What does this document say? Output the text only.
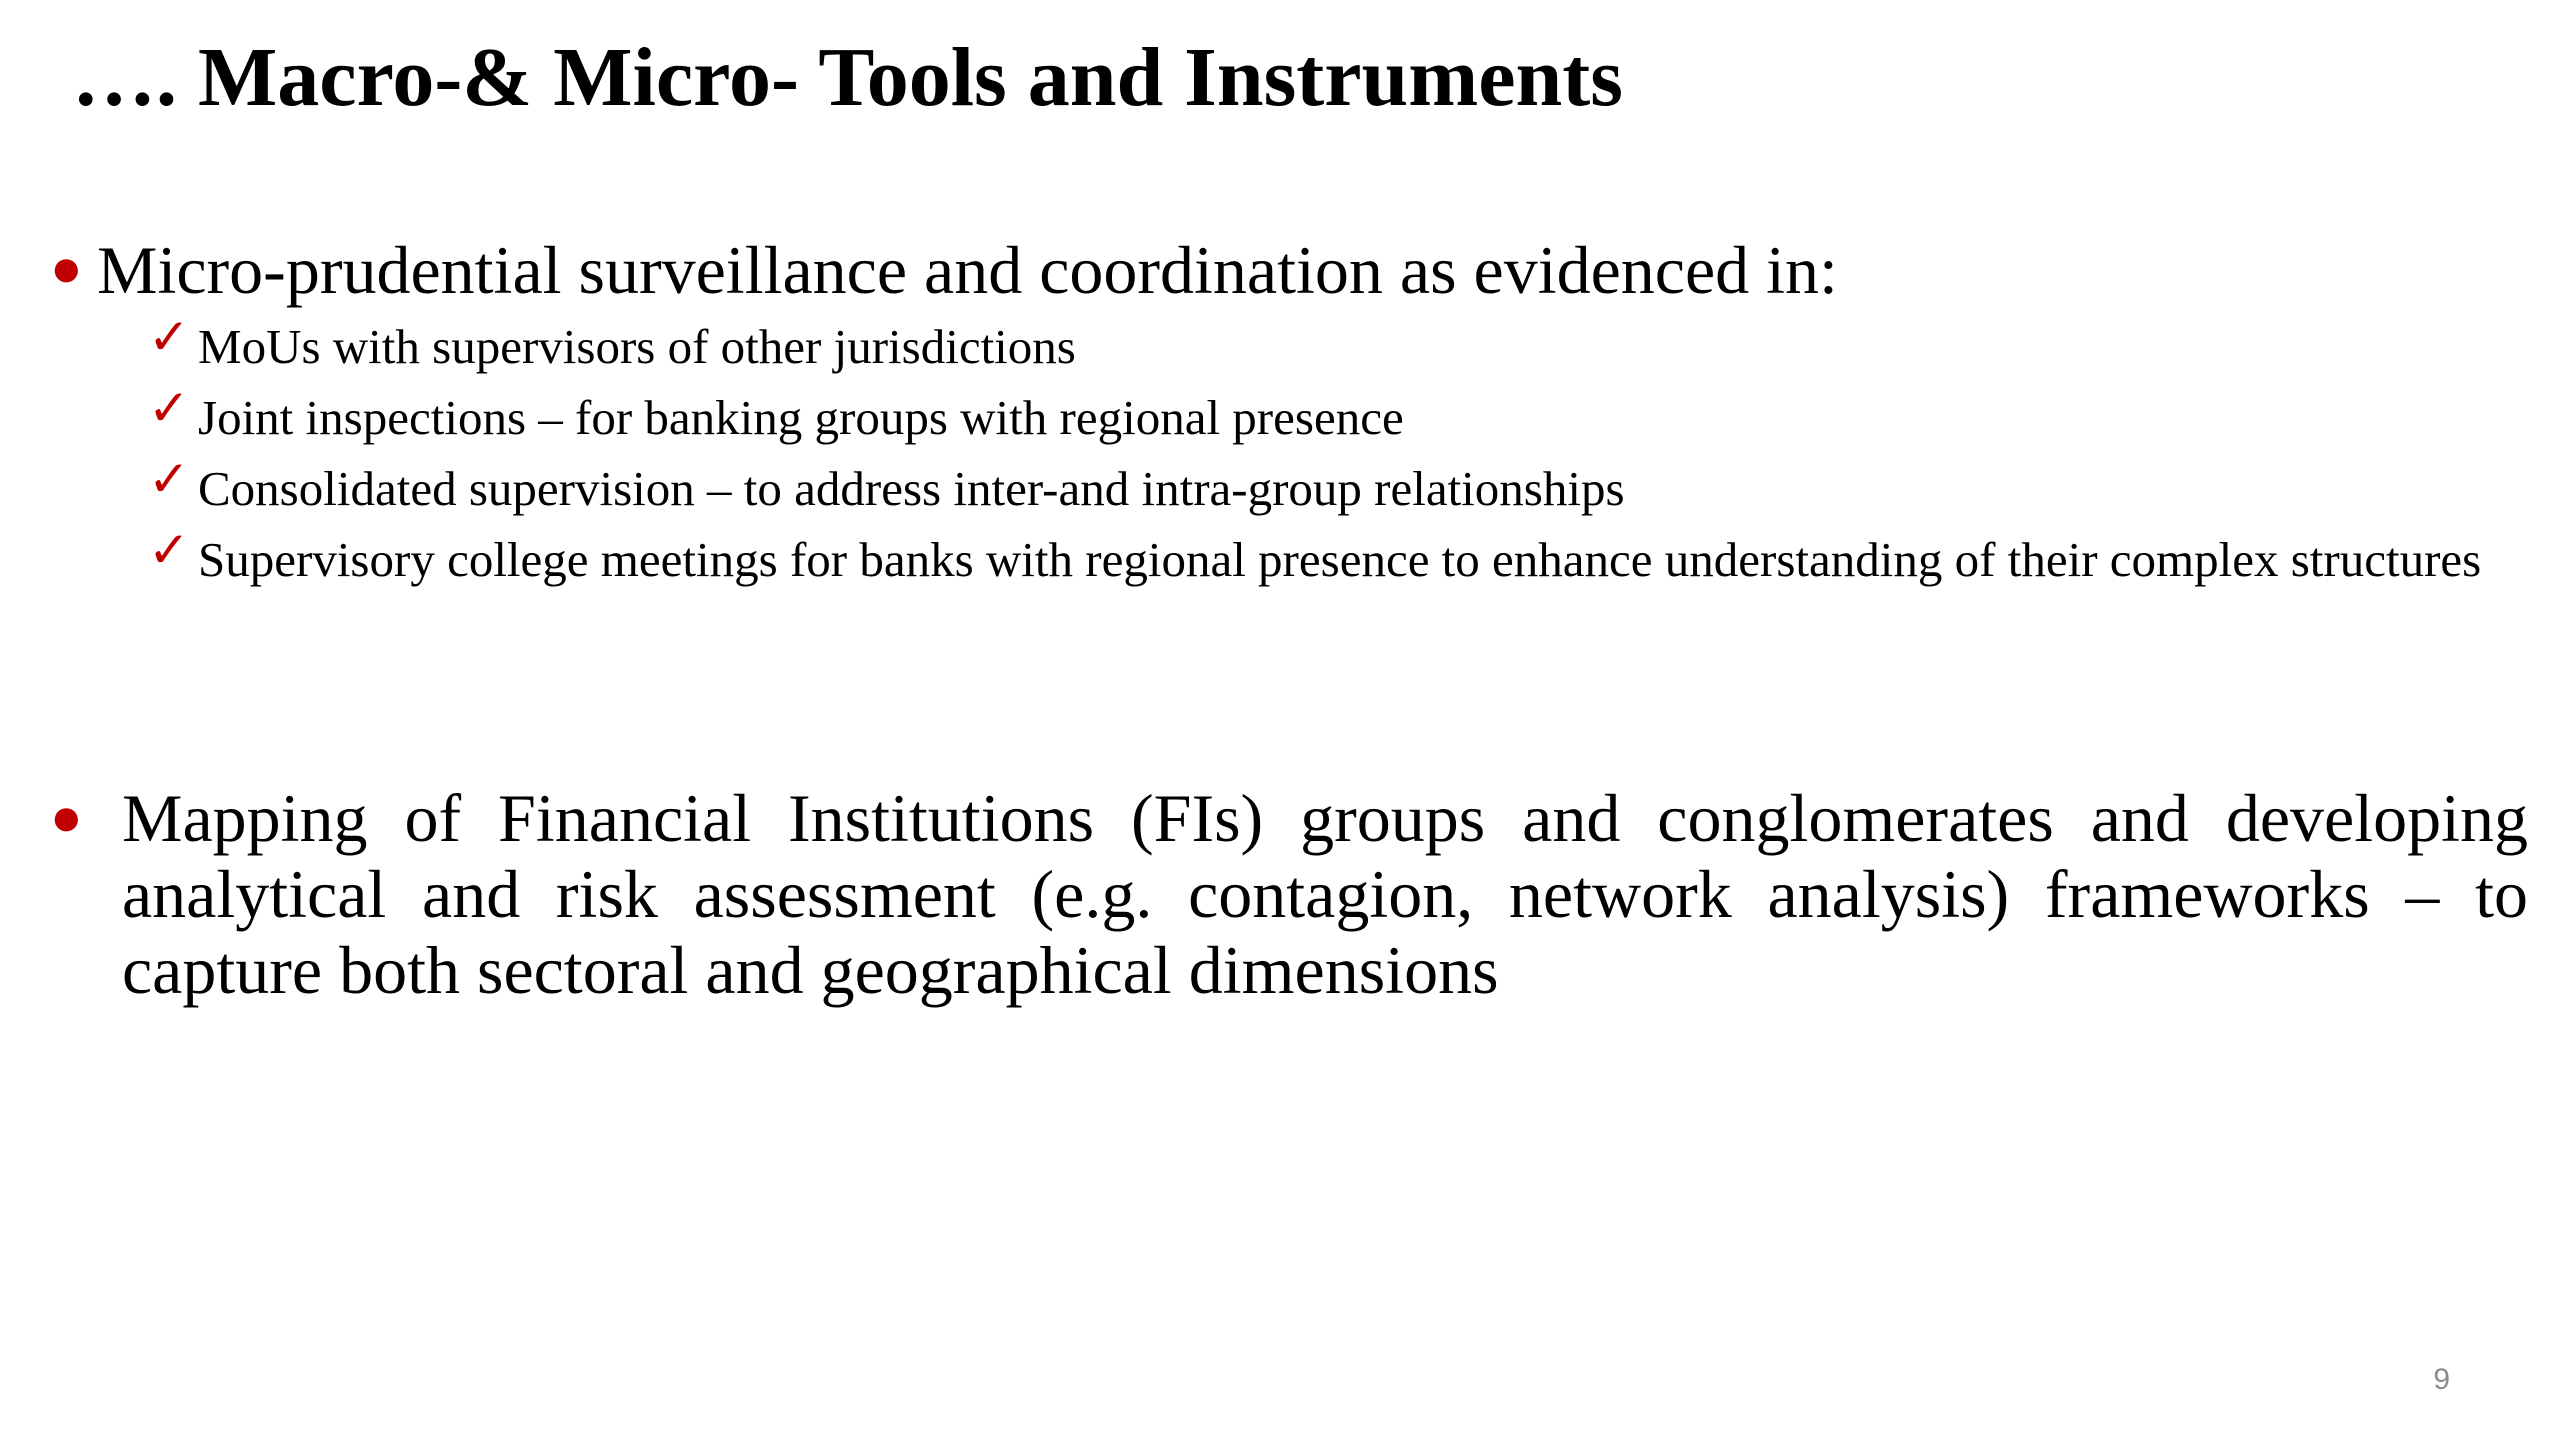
…. Macro-& Micro- Tools and Instruments
● Micro-prudential surveillance and coordination as evidenced in:
✓ MoUs with supervisors of other jurisdictions
✓ Joint inspections – for banking groups with regional presence
✓ Consolidated supervision – to address inter-and intra-group relationships
✓ Supervisory college meetings for banks with regional presence to enhance understanding of their complex structures
● Mapping of Financial Institutions (FIs) groups and conglomerates and developing analytical and risk assessment (e.g. contagion, network analysis) frameworks – to capture both sectoral and geographical dimensions
9
